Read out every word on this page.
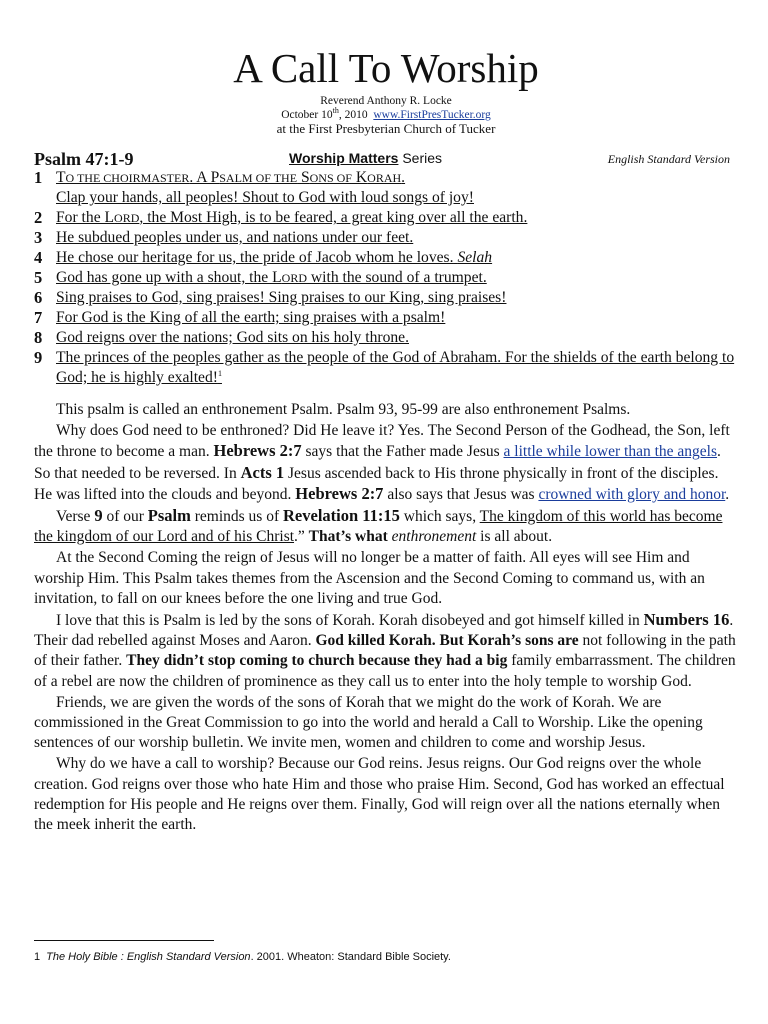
A Call To Worship
Reverend Anthony R. Locke
October 10th, 2010 www.FirstPresTucker.org
at the First Presbyterian Church of Tucker
Psalm 47:1-9	Worship Matters Series	English Standard Version
1 TO THE CHOIRMASTER. A PSALM OF THE SONS OF KORAH.
Clap your hands, all peoples! Shout to God with loud songs of joy!
2 For the LORD, the Most High, is to be feared, a great king over all the earth.
3 He subdued peoples under us, and nations under our feet.
4 He chose our heritage for us, the pride of Jacob whom he loves. Selah
5 God has gone up with a shout, the LORD with the sound of a trumpet.
6 Sing praises to God, sing praises! Sing praises to our King, sing praises!
7 For God is the King of all the earth; sing praises with a psalm!
8 God reigns over the nations; God sits on his holy throne.
9 The princes of the peoples gather as the people of the God of Abraham. For the shields of the earth belong to God; he is highly exalted!$^1$

This psalm is called an enthronement Psalm. Psalm 93, 95-99 are also enthronement Psalms.

Why does God need to be enthroned? Did He leave it? Yes. The Second Person of the Godhead, the Son, left the throne to become a man. Hebrews 2:7 says that the Father made Jesus a little while lower than the angels. So that needed to be reversed. In Acts 1 Jesus ascended back to His throne physically in front of the disciples. He was lifted into the clouds and beyond. Hebrews 2:7 also says that Jesus was crowned with glory and honor.

Verse 9 of our Psalm reminds us of Revelation 11:15 which says, The kingdom of this world has become the kingdom of our Lord and of his Christ.” That’s what enthronement is all about.

At the Second Coming the reign of Jesus will no longer be a matter of faith. All eyes will see Him and worship Him. This Psalm takes themes from the Ascension and the Second Coming to command us, with an invitation, to fall on our knees before the one living and true God.

I love that this is Psalm is led by the sons of Korah. Korah disobeyed and got himself killed in Numbers 16. Their dad rebelled against Moses and Aaron. God killed Korah. But Korah’s sons are not following in the path of their father. They didn’t stop coming to church because they had a big family embarrassment. The children of a rebel are now the children of prominence as they call us to enter into the holy temple to worship God.

Friends, we are given the words of the sons of Korah that we might do the work of Korah. We are commissioned in the Great Commission to go into the world and herald a Call to Worship. Like the opening sentences of our worship bulletin. We invite men, women and children to come and worship Jesus.

Why do we have a call to worship? Because our God reins. Jesus reigns. Our God reigns over the whole creation. God reigns over those who hate Him and those who praise Him. Second, God has worked an effectual redemption for His people and He reigns over them. Finally, God will reign over all the nations eternally when the meek inherit the earth.

1 The Holy Bible : English Standard Version. 2001. Wheaton: Standard Bible Society.
